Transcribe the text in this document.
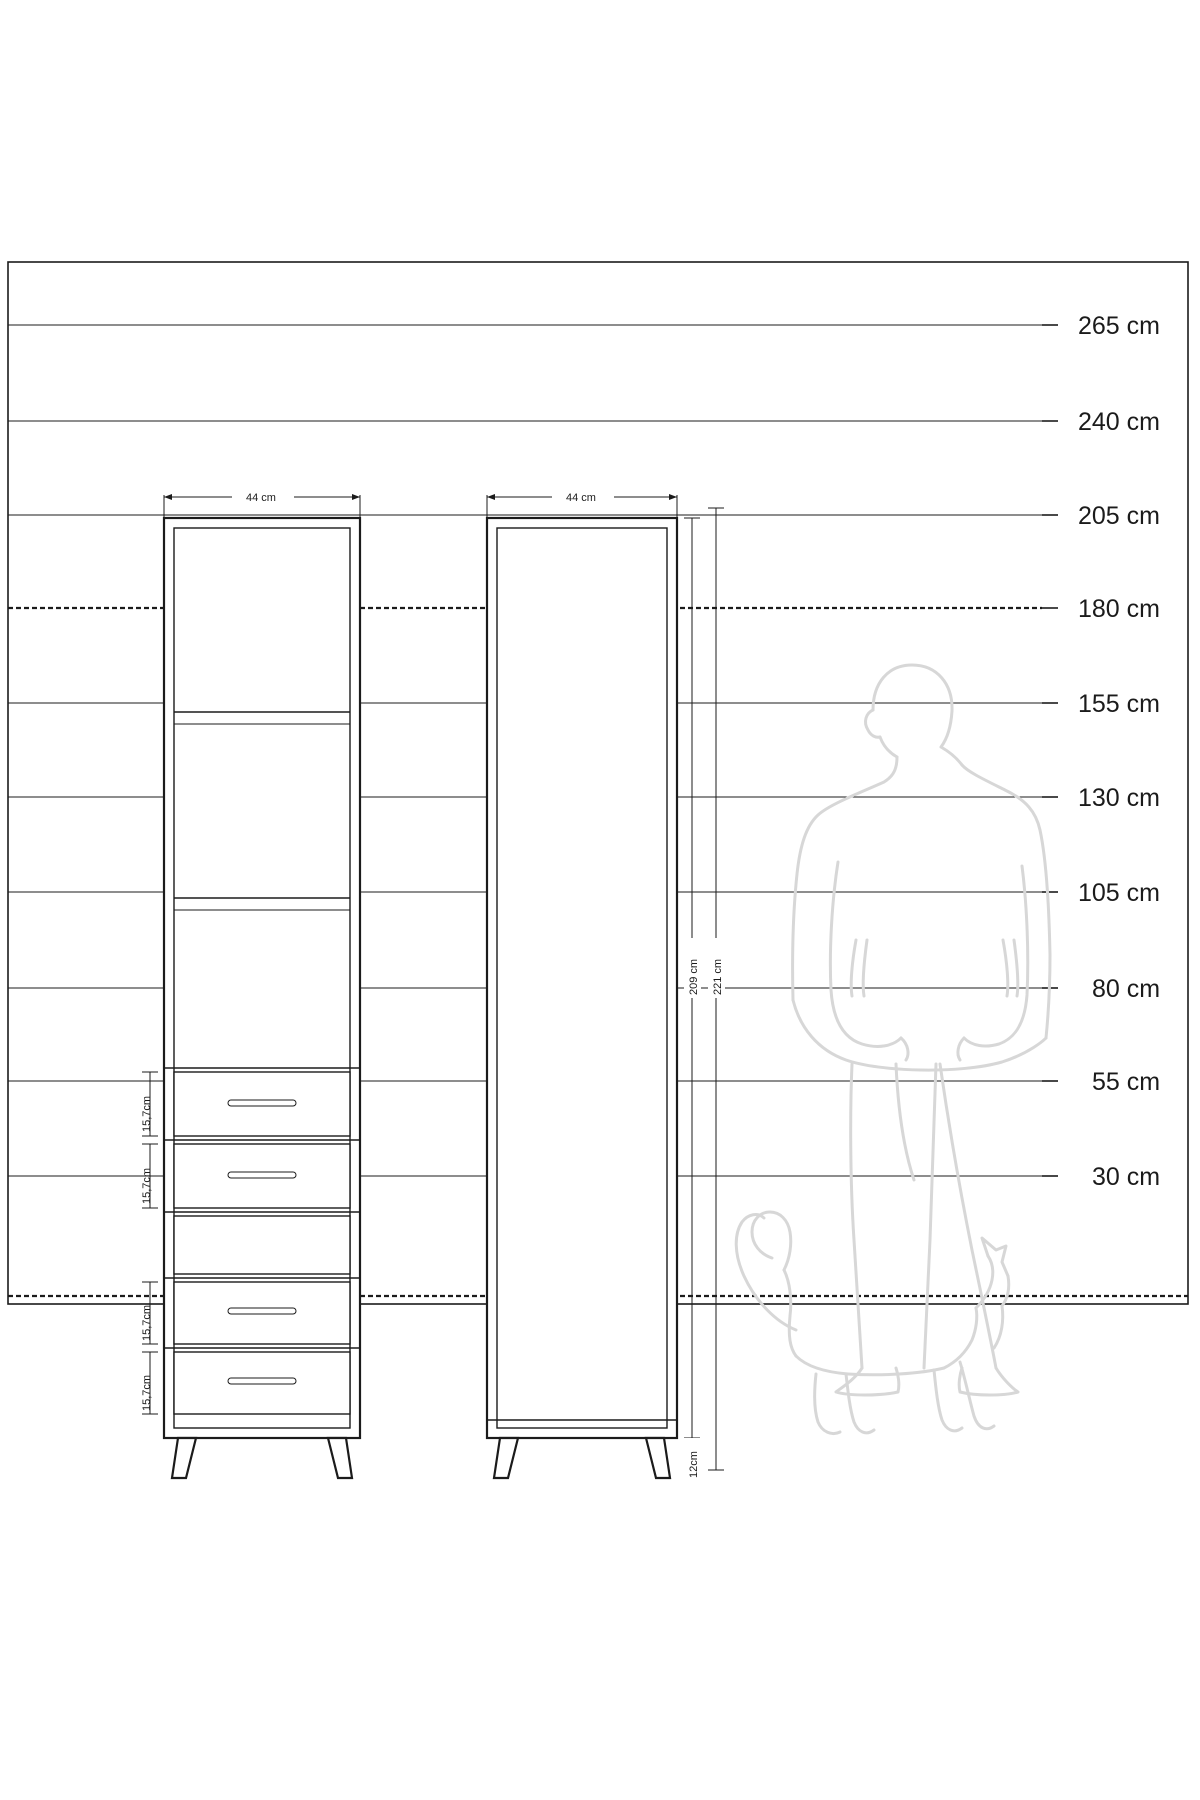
265 cm
240 cm
205 cm
180 cm
155 cm
130 cm
105 cm
80 cm
55 cm
30 cm
44 cm
15,7cm
15,7cm
15,7cm
15,7cm
44 cm
209 cm 221 cm
12cm
